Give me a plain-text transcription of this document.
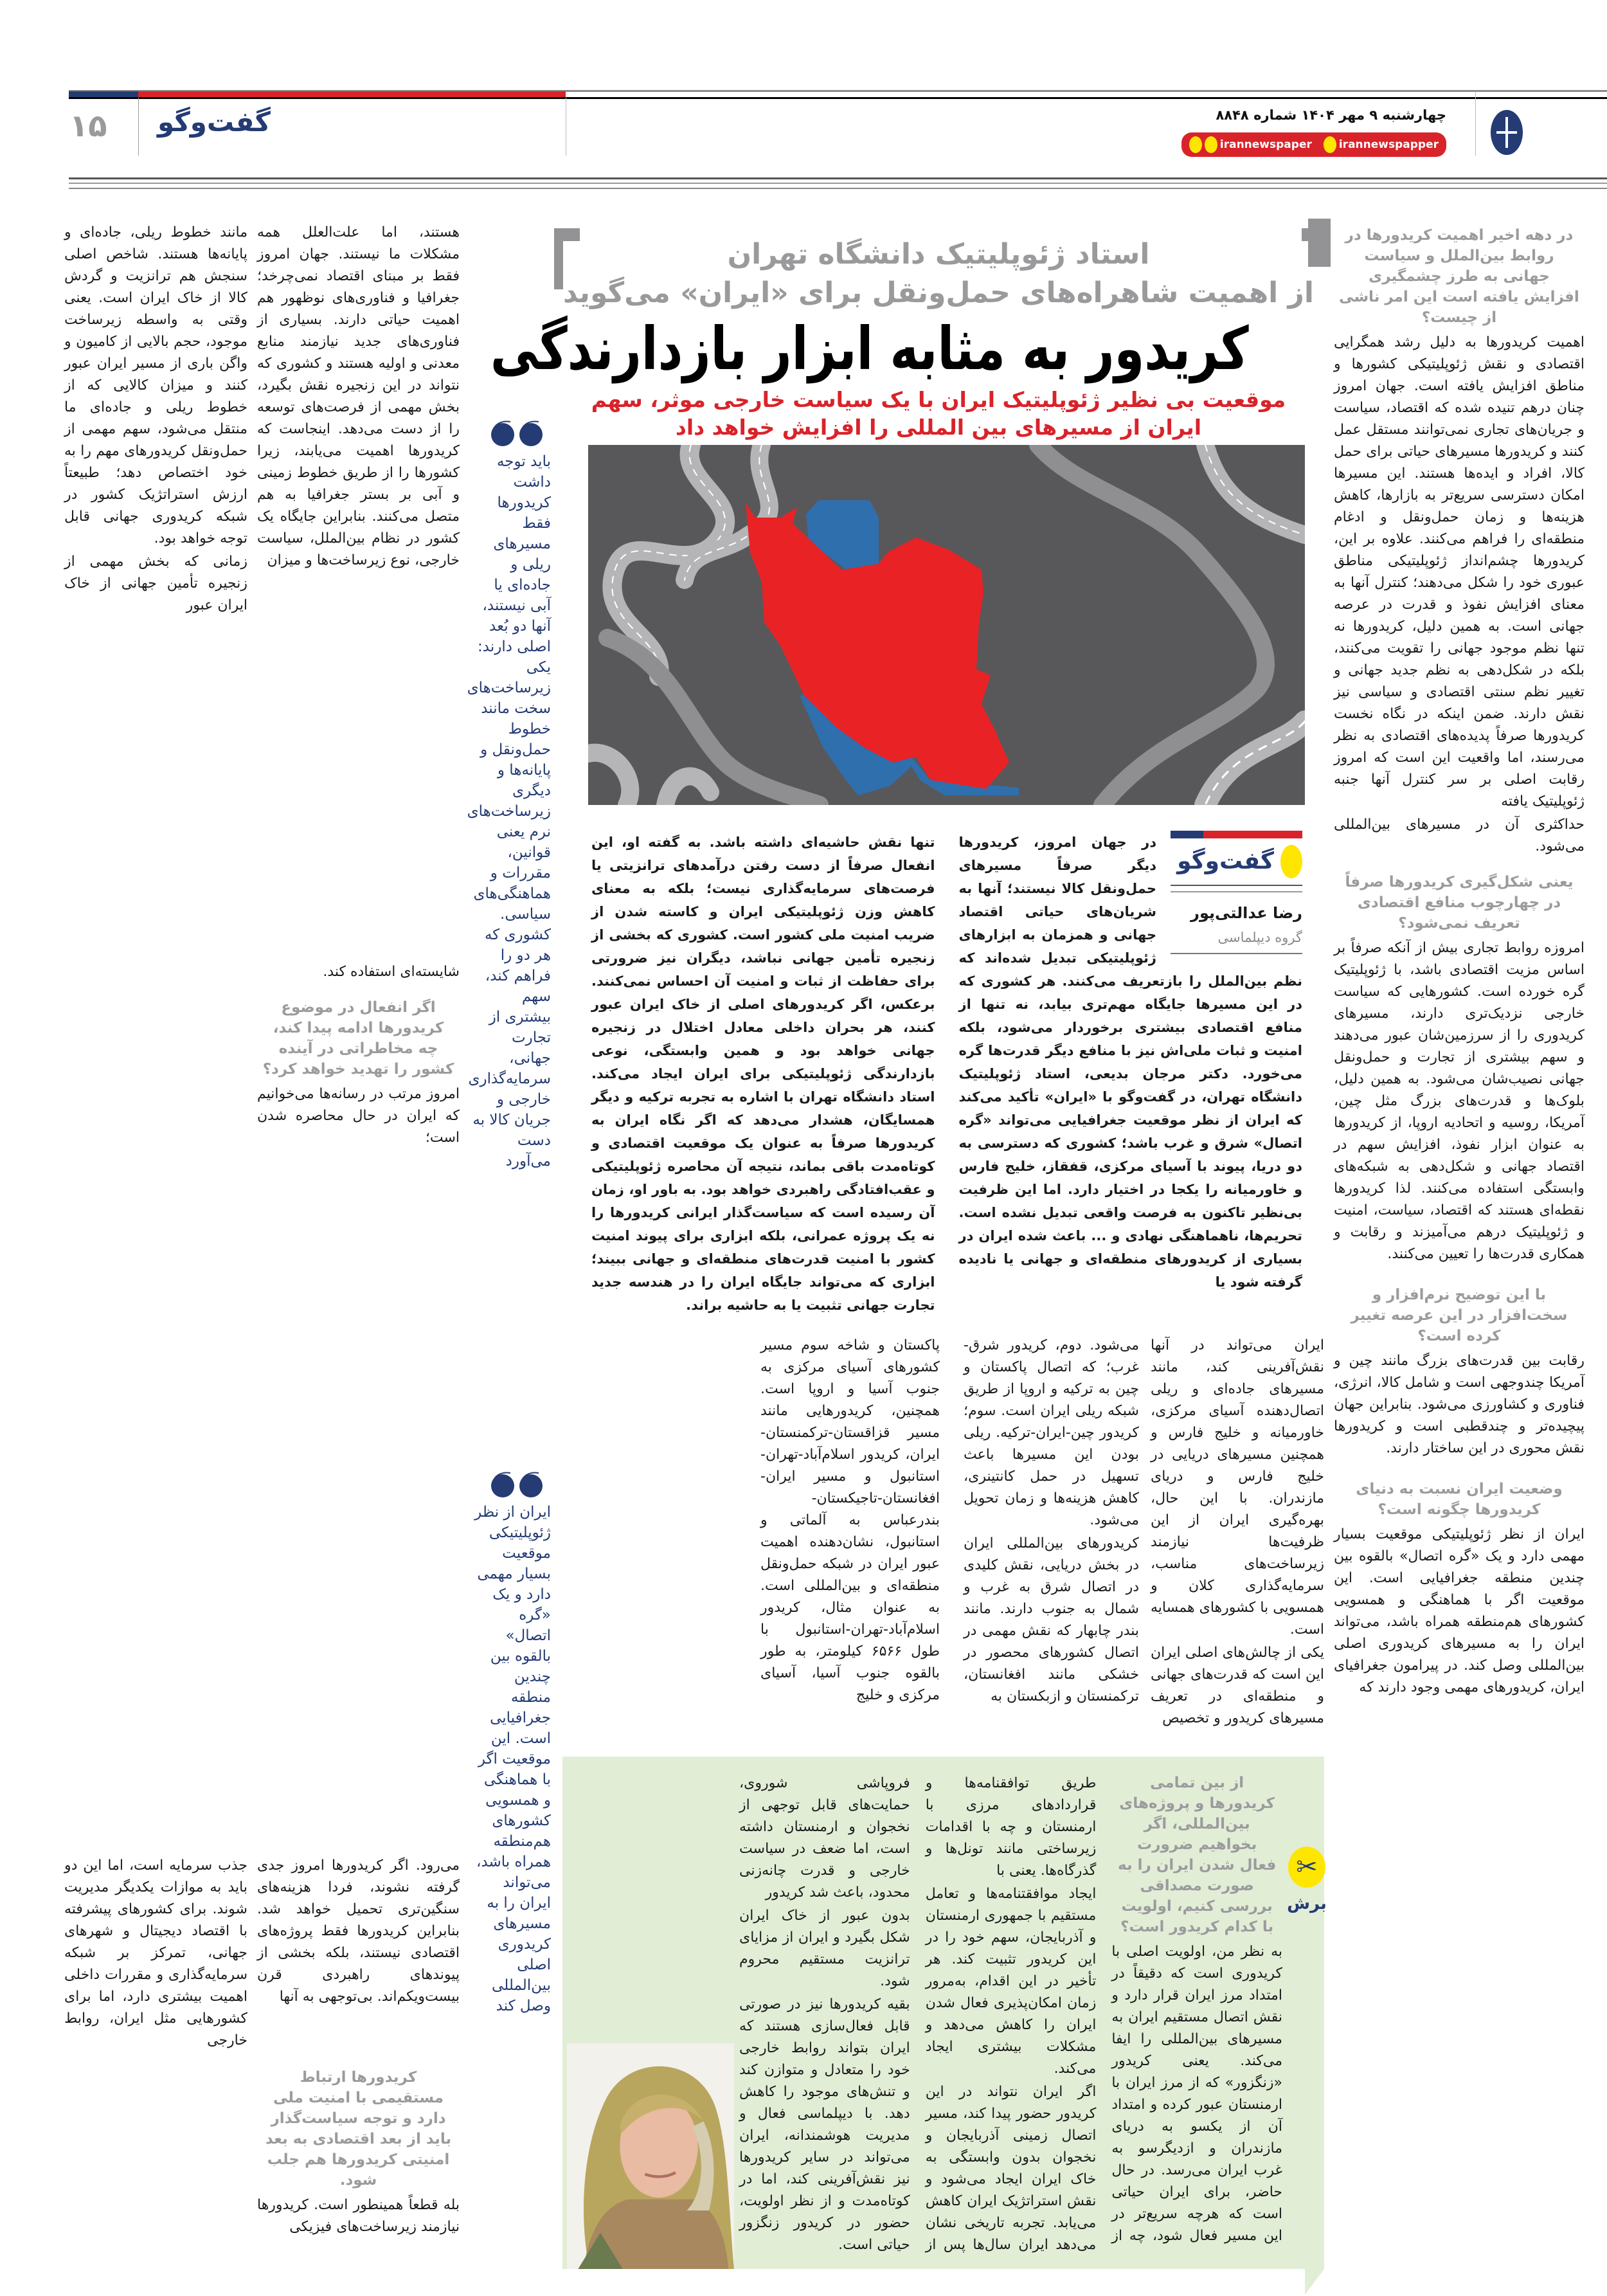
۱۵ گفت‌وگو	چهارشنبه ۹ مهر ۱۴۰۴ شماره ۸۸۴۸
irannewspaper irannewspapper
استاد ژئوپلیتیک دانشگاه تهران
از اهمیت شاهراه‌های حمل‌ونقل برای «ایران» می‌گوید
کریدور به مثابه ابزار بازدارندگی
موقعیت بی نظیر ژئوپلیتیک ایران با یک سیاست خارجی موثر، سهم ایران از مسیرهای بین المللی را افزایش خواهد داد
گفت‌وگو
رضا عدالتی‌پور
گروه دیپلماسی

در جهان امروز، کریدورها دیگر صرفاً مسیرهای حمل‌ونقل کالا نیستند؛ آنها به شریان‌های حیاتی اقتصاد جهانی و همزمان به ابزارهای ژئوپلیتیکی تبدیل شده‌اند که نظم بین‌الملل را بازتعریف می‌کنند. هر کشوری که در این مسیرها جایگاه مهم‌تری بیابد، نه تنها از منافع اقتصادی بیشتری برخوردار می‌شود، بلکه امنیت و ثبات ملی‌اش نیز با منافع دیگر قدرت‌ها گره می‌خورد. دکتر مرجان بدیعی، استاد ژئوپلیتیک دانشگاه تهران، در گفت‌وگو با «ایران» تأکید می‌کند که ایران از نظر موقعیت جغرافیایی می‌تواند «گره اتصال» شرق و غرب باشد؛ کشوری که دسترسی به دو دریا، پیوند با آسیای مرکزی، قفقاز، خلیج فارس و خاورمیانه را یکجا در اختیار دارد. اما این ظرفیت بی‌نظیر تاکنون به فرصت واقعی تبدیل نشده است. تحریم‌ها، ناهماهنگی نهادی و ... باعث شده ایران در بسیاری از کریدورهای منطقه‌ای و جهانی یا نادیده گرفته شود یا

تنها نقش حاشیه‌ای داشته باشد. به گفته او، این انفعال صرفاً از دست رفتن درآمدهای ترانزیتی یا فرصت‌های سرمایه‌گذاری نیست؛ بلکه به معنای کاهش وزن ژئوپلیتیکی ایران و کاسته شدن از ضریب امنیت ملی کشور است. کشوری که بخشی از زنجیره تأمین جهانی نباشد، دیگران نیز ضرورتی برای حفاظت از ثبات و امنیت آن احساس نمی‌کنند. برعکس، اگر کریدورهای اصلی از خاک ایران عبور کنند، هر بحران داخلی معادل اختلال در زنجیره جهانی خواهد بود و همین وابستگی، نوعی بازدارندگی ژئوپلیتیکی برای ایران ایجاد می‌کند. استاد دانشگاه تهران با اشاره به تجربه ترکیه و دیگر همسایگان، هشدار می‌دهد که اگر نگاه ایران به کریدورها صرفاً به عنوان یک موقعیت اقتصادی و کوتاه‌مدت باقی بماند، نتیجه آن محاصره ژئوپلیتیکی و عقب‌افتادگی راهبردی خواهد بود. به باور او، زمان آن رسیده است که سیاست‌گذار ایرانی کریدورها را نه یک پروژه عمرانی، بلکه ابزاری برای پیوند امنیت کشور با امنیت قدرت‌های منطقه‌ای و جهانی ببیند؛ ابزاری که می‌تواند جایگاه ایران را در هندسه جدید تجارت جهانی تثبیت یا به حاشیه براند.

باید توجه داشت کریدورها فقط مسیرهای ریلی و جاده‌ای یا آبی نیستند، آنها دو بُعد اصلی دارند: یکی زیرساخت‌های سخت مانند خطوط حمل‌ونقل و پایانه‌ها و دیگری زیرساخت‌های نرم یعنی قوانین، مقررات و هماهنگی‌های سیاسی. کشوری که هر دو را فراهم کند، سهم بیشتری از تجارت جهانی، سرمایه‌گذاری خارجی و جریان کالا به دست می‌آورد
ایران از نظر ژئوپلیتیکی موقعیت بسیار مهمی دارد و یک «گره اتصال» بالقوه بین چندین منطقه جغرافیایی است. این موقعیت اگر با هماهنگی و همسویی کشورهای هم‌منطقه همراه باشد، می‌تواند ایران را به مسیرهای کریدوری اصلی بین‌المللی وصل کند
✂
برش
در دهه اخیر اهمیت کریدورها در روابط بین‌الملل و سیاست جهانی به طرز چشمگیری افزایش یافته است این امر ناشی از چیست؟

اهمیت کریدورها به دلیل رشد همگرایی اقتصادی و نقش ژئوپلیتیکی کشورها و مناطق افزایش یافته است. جهان امروز چنان درهم تنیده شده که اقتصاد، سیاست و جریان‌های تجاری نمی‌توانند مستقل عمل کنند و کریدورها مسیرهای حیاتی برای حمل کالا، افراد و ایده‌ها هستند. این مسیرها امکان دسترسی سریع‌تر به بازارها، کاهش هزینه‌ها و زمان حمل‌ونقل و ادغام منطقه‌ای را فراهم می‌کنند. علاوه بر این، کریدورها چشم‌انداز ژئوپلیتیکی مناطق عبوری خود را شکل می‌دهند؛ کنترل آنها به معنای افزایش نفوذ و قدرت در عرصه جهانی است. به همین دلیل، کریدورها نه تنها نظم موجود جهانی را تقویت می‌کنند، بلکه در شکل‌دهی به نظم جدید جهانی و تغییر نظم سنتی اقتصادی و سیاسی نیز نقش دارند. ضمن اینکه در نگاه نخست کریدورها صرفاً پدیده‌های اقتصادی به نظر می‌رسند، اما واقعیت این است که امروز رقابت اصلی بر سر کنترل آنها جنبه ژئوپلیتیک یافته

حداکثری آن در مسیرهای بین‌المللی می‌شود.

یعنی شکل‌گیری کریدورها صرفاً در چهارچوب منافع اقتصادی تعریف نمی‌شود؟

امروزه روابط تجاری بیش از آنکه صرفاً بر اساس مزیت اقتصادی باشد، با ژئوپلیتیک گره خورده است. کشورهایی که سیاست خارجی نزدیک‌تری دارند، مسیرهای کریدوری را از سرزمین‌شان عبور می‌دهند و سهم بیشتری از تجارت و حمل‌ونقل جهانی نصیب‌شان می‌شود. به همین دلیل، بلوک‌ها و قدرت‌های بزرگ مثل چین، آمریکا، روسیه و اتحادیه اروپا، از کریدورها به عنوان ابزار نفوذ، افزایش سهم در اقتصاد جهانی و شکل‌دهی به شبکه‌های وابستگی استفاده می‌کنند. لذا کریدورها نقطه‌ای هستند که اقتصاد، سیاست، امنیت و ژئوپلیتیک درهم می‌آمیزند و رقابت و همکاری قدرت‌ها را تعیین می‌کنند.

با این توضیح نرم‌افزار و سخت‌افزار در این عرصه تغییر کرده است؟

رقابت بین قدرت‌های بزرگ مانند چین و آمریکا چندوجهی است و شامل کالا، انرژی، فناوری و کشاورزی می‌شود. بنابراین جهان پیچیده‌تر و چندقطبی است و کریدورها نقش محوری در این ساختار دارند.

وضعیت ایران نسبت به دنیای کریدورها چگونه است؟

ایران از نظر ژئوپلیتیکی موقعیت بسیار مهمی دارد و یک «گره اتصال» بالقوه بین چندین منطقه جغرافیایی است. این موقعیت اگر با هماهنگی و همسویی کشورهای هم‌منطقه همراه باشد، می‌تواند ایران را به مسیرهای کریدوری اصلی بین‌المللی وصل کند. در پیرامون جغرافیای ایران، کریدورهای مهمی وجود دارند که

ایران می‌تواند در آنها نقش‌آفرینی کند، مانند مسیرهای جاده‌ای و ریلی اتصال‌دهنده آسیای مرکزی، خاورمیانه و خلیج فارس و همچنین مسیرهای دریایی در خلیج فارس و دریای مازندران. با این حال، بهره‌گیری ایران از این ظرفیت‌ها نیازمند زیرساخت‌های مناسب، سرمایه‌گذاری کلان و همسویی با کشورهای همسایه است.

یکی از چالش‌های اصلی ایران این است که قدرت‌های جهانی و منطقه‌ای در تعریف مسیرهای کریدور و تخصیص

می‌شود. دوم، کریدور شرق-غرب؛ که اتصال پاکستان و چین به ترکیه و اروپا از طریق شبکه ریلی ایران است. سوم؛ کریدور چین-ایران-ترکیه. ریلی بودن این مسیرها باعث تسهیل در حمل کانتینری، کاهش هزینه‌ها و زمان تحویل می‌شود.

کریدورهای بین‌المللی ایران در بخش دریایی، نقش کلیدی در اتصال شرق به غرب و شمال به جنوب دارند. مانند بندر چابهار که نقش مهمی در اتصال کشورهای محصور در خشکی مانند افغانستان، ترکمنستان و ازبکستان به

پاکستان و شاخه سوم مسیر کشورهای آسیای مرکزی به جنوب آسیا و اروپا است. همچنین، کریدورهایی مانند مسیر قزاقستان-ترکمنستان-ایران، کریدور اسلام‌آباد-تهران-استانبول و مسیر ایران-افغانستان-تاجیکستان-بندرعباس به آلماتی و استانبول، نشان‌دهنده اهمیت عبور ایران در شبکه حمل‌ونقل منطقه‌ای و بین‌المللی است. به عنوان مثال، کریدور اسلام‌آباد-تهران-استانبول با طول ۶۵۶۶ کیلومتر، به طور بالقوه جنوب آسیا، آسیای مرکزی و خلیج

هستند، اما علت‌العلل همه مشکلات ما نیستند. جهان امروز فقط بر مبنای اقتصاد نمی‌چرخد؛ جغرافیا و فناوری‌های نوظهور هم اهمیت حیاتی دارند. بسیاری از فناوری‌های جدید نیازمند منابع معدنی و اولیه هستند و کشوری که نتواند در این زنجیره نقش بگیرد، بخش مهمی از فرصت‌های توسعه را از دست می‌دهد. اینجاست که کریدورها اهمیت می‌یابند، زیرا کشورها را از طریق خطوط زمینی و آبی بر بستر جغرافیا به هم متصل می‌کنند. بنابراین جایگاه یک کشور در نظام بین‌الملل، سیاست خارجی، نوع زیرساخت‌ها و میزان

شایسته‌ای استفاده کند.

اگر انفعال در موضوع کریدورها ادامه پیدا کند، چه مخاطراتی در آینده کشور را تهدید خواهد کرد؟

امروز مرتب در رسانه‌ها می‌خوانیم که ایران در حال محاصره شدن است؛

می‌رود. اگر کریدورها امروز جدی گرفته نشوند، فردا هزینه‌های سنگین‌تری تحمیل خواهد شد. بنابراین کریدورها فقط پروژه‌های اقتصادی نیستند، بلکه بخشی از پیوندهای راهبردی قرن بیست‌ویکم‌اند. بی‌توجهی به آنها

کریدورها ارتباط مستقیمی با امنیت ملی دارد و توجه سیاست‌گذار باید از بعد اقتصادی به بعد امنیتی کریدورها هم جلب شود.

بله قطعاً همینطور است. کریدورها نیازمند زیرساخت‌های فیزیکی

مانند خطوط ریلی، جاده‌ای و پایانه‌ها هستند. شاخص اصلی سنجش هم ترانزیت و گردش کالا از خاک ایران است. یعنی وقتی به واسطه زیرساخت موجود، حجم بالایی از کامیون و واگن باری از مسیر ایران عبور کنند و میزان کالایی که از خطوط ریلی و جاده‌ای ما منتقل می‌شود، سهم مهمی از حمل‌ونقل کریدورهای مهم را به خود اختصاص دهد؛ طبیعتاً ارزش استراتژیک کشور در شبکه کریدوری جهانی قابل توجه خواهد بود.

زمانی که بخش مهمی از زنجیره تأمین جهانی از خاک ایران عبور

جذب سرمایه است، اما این دو باید به موازات یکدیگر مدیریت شوند. برای کشورهای پیشرفته با اقتصاد دیجیتال و شهرهای جهانی، تمرکز بر شبکه سرمایه‌گذاری و مقررات داخلی اهمیت بیشتری دارد، اما برای کشورهایی مثل ایران، روابط خارجی

از بین تمامی کریدورها و پروژه‌های بین‌المللی، اگر بخواهیم ضرورت فعال شدن ایران را به صورت مصداقی بررسی کنیم، اولویت با کدام کریدور است؟

به نظر من، اولویت اصلی با کریدوری است که دقیقاً در امتداد مرز ایران قرار دارد و نقش اتصال مستقیم ایران به مسیرهای بین‌المللی را ایفا می‌کند. یعنی کریدور «زنگزور» که از مرز ایران با ارمنستان عبور کرده و امتداد آن از یکسو به دریای مازندران و ازدیگرسو به غرب ایران می‌رسد. در حال حاضر، برای ایران حیاتی است که هرچه سریع‌تر در این مسیر فعال شود، چه از طریق توافقنامه‌ها و قراردادهای مرزی با ارمنستان و چه با اقدامات زیرساختی مانند تونل‌ها و گذرگاه‌ها. یعنی با

ایجاد موافقتنامه‌ها و تعامل مستقیم با جمهوری ارمنستان و آذربایجان، سهم خود را در این کریدور تثبیت کند. هر تأخیر در این اقدام، به‌مرور زمان امکان‌پذیری فعال شدن ایران را کاهش می‌دهد و مشکلات بیشتری ایجاد می‌کند.

اگر ایران نتواند در این کریدور حضور پیدا کند، مسیر اتصال زمینی آذربایجان و نخجوان بدون وابستگی به خاک ایران ایجاد می‌شود و نقش استراتژیک ایران کاهش می‌یابد. تجربه تاریخی نشان می‌دهد ایران سال‌ها پس از فروپاشی شوروی، حمایت‌های قابل توجهی از نخجوان و ارمنستان داشته است، اما ضعف در سیاست خارجی و قدرت چانه‌زنی محدود، باعث شد کریدور

بدون عبور از خاک ایران شکل بگیرد و ایران از مزایای ترانزیت مستقیم محروم شود.

بقیه کریدورها نیز در صورتی قابل فعال‌سازی هستند که ایران بتواند روابط خارجی خود را متعادل و متوازن کند و تنش‌های موجود را کاهش دهد. با دیپلماسی فعال و مدیریت هوشمندانه، ایران می‌تواند در سایر کریدورها نیز نقش‌آفرینی کند، اما در کوتاه‌مدت و از نظر اولویت، حضور در کریدور زنگزور حیاتی است.
